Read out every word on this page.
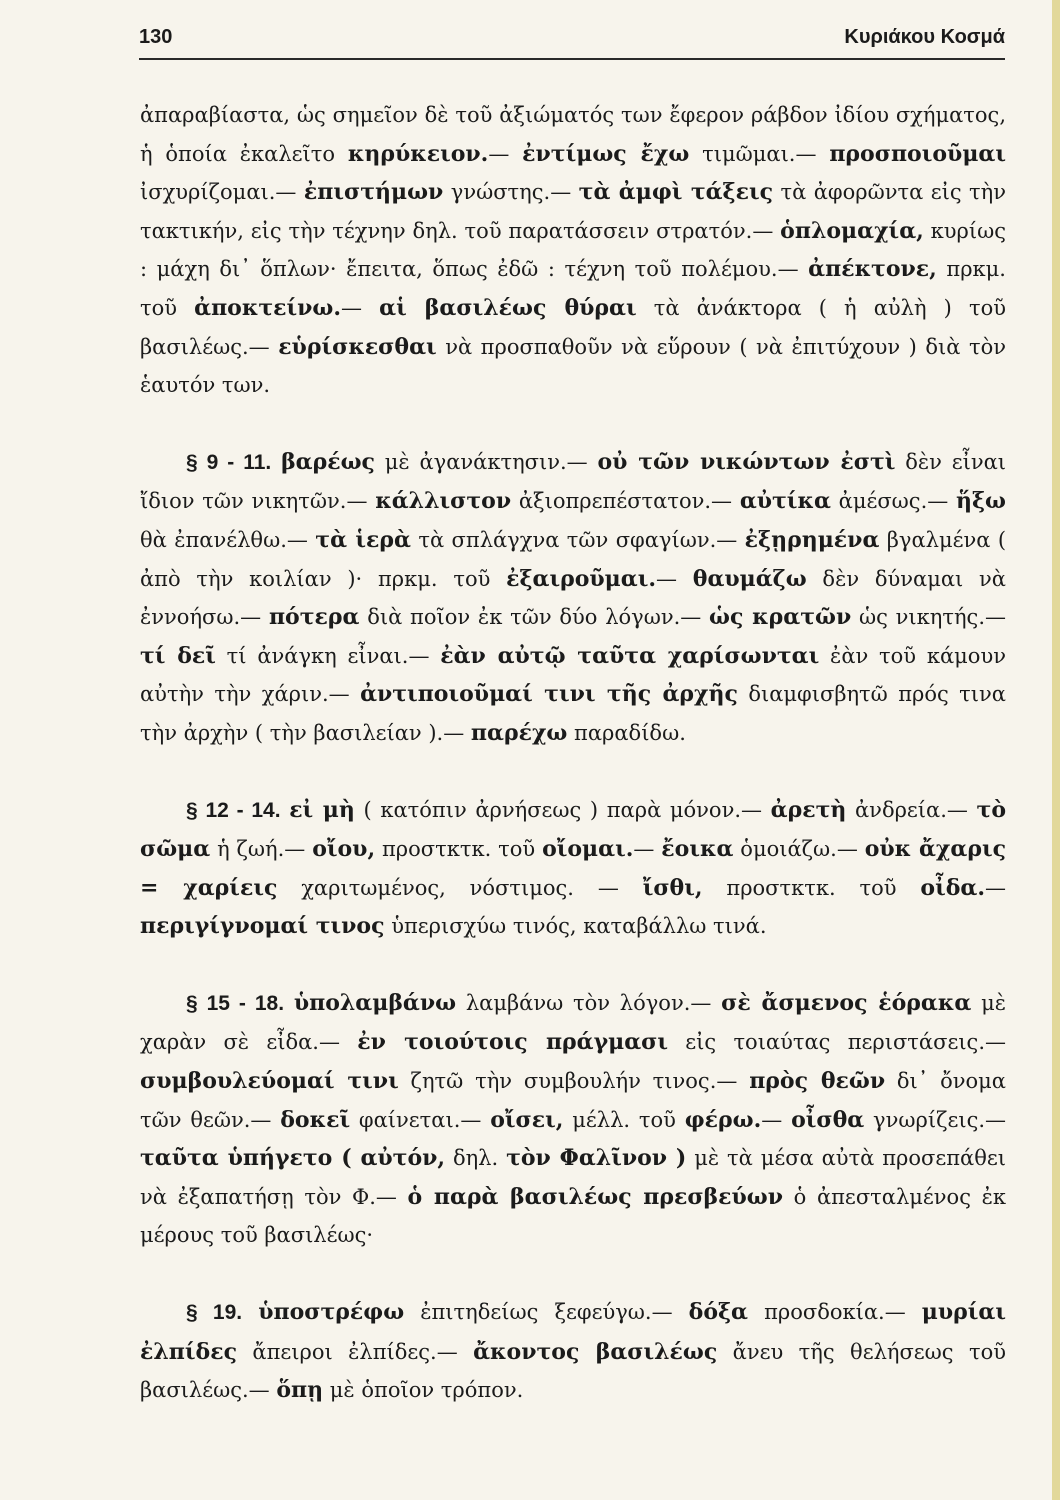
130	Κυριάκου Κοσμά

ἀπαραβίαστα, ὡς σημεῖον δὲ τοῦ ἀξιώματός των ἔφερον ράβδον ἰδίου σχήματος, ἡ ὁποία ἐκαλεῖτο κηρύκειον.— ἐντίμως ἔχω τιμῶμαι.— προσποιοῦμαι ἰσχυρίζομαι.— ἐπιστήμων γνώστης.— τὰ ἀμφὶ τάξεις τὰ ἀφορῶντα εἰς τὴν τακτικήν, εἰς τὴν τέχνην δηλ. τοῦ παρατάσσειν στρατόν.— ὁπλομαχία, κυρίως : μάχη δι᾽ ὅπλων· ἔπειτα, ὅπως ἐδῶ : τέχνη τοῦ πολέμου.— ἀπέκτονε, πρκμ. τοῦ ἀποκτείνω.— αἱ βασιλέως θύραι τὰ ἀνάκτορα ( ἡ αὐλὴ ) τοῦ βασιλέως.— εὑρίσκεσθαι νὰ προσπαθοῦν νὰ εὕρουν ( νὰ ἐπιτύχουν ) διὰ τὸν ἑαυτόν των.

§ 9 - 11. βαρέως μὲ ἀγανάκτησιν.— οὐ τῶν νικώντων ἐστὶ δὲν εἶναι ἴδιον τῶν νικητῶν.— κάλλιστον ἀξιοπρεπέστατον.— αὐτίκα ἀμέσως.— ἥξω θὰ ἐπανέλθω.— τὰ ἱερὰ τὰ σπλάγχνα τῶν σφαγίων.— ἐξῃρημένα βγαλμένα ( ἀπὸ τὴν κοιλίαν )· πρκμ. τοῦ ἐξαιροῦμαι.— θαυμάζω δὲν δύναμαι νὰ ἐννοήσω.— πότερα διὰ ποῖον ἐκ τῶν δύο λόγων.— ὡς κρατῶν ὡς νικητής.— τί δεῖ τί ἀνάγκη εἶναι.— ἐὰν αὐτῷ ταῦτα χαρίσωνται ἐὰν τοῦ κάμουν αὐτὴν τὴν χάριν.— ἀντιποιοῦμαί τινι τῆς ἀρχῆς διαμφισβητῶ πρός τινα τὴν ἀρχὴν ( τὴν βασιλείαν ).— παρέχω παραδίδω.

§ 12 - 14. εἰ μὴ ( κατόπιν ἀρνήσεως ) παρὰ μόνον.— ἀρετὴ ἀνδρεία.— τὸ σῶμα ἡ ζωή.— οἴου, προστκτκ. τοῦ οἴομαι.— ἔοικα ὁμοιάζω.— οὐκ ἄχαρις = χαρίεις χαριτωμένος, νόστιμος. — ἴσθι, προστκτκ. τοῦ οἶδα.— περιγίγνομαί τινος ὑπερισχύω τινός, καταβάλλω τινά.

§ 15 - 18. ὑπολαμβάνω λαμβάνω τὸν λόγον.— σὲ ἄσμενος ἑόρακα μὲ χαρὰν σὲ εἶδα.— ἐν τοιούτοις πράγμασι εἰς τοιαύτας περιστάσεις.— συμβουλεύομαί τινι ζητῶ τὴν συμβουλήν τινος.— πρὸς θεῶν δι᾽ ὄνομα τῶν θεῶν.— δοκεῖ φαίνεται.— οἴσει, μέλλ. τοῦ φέρω.— οἶσθα γνωρίζεις.— ταῦτα ὑπήγετο ( αὐτόν, δηλ. τὸν Φαλῖνον ) μὲ τὰ μέσα αὐτὰ προσεπάθει νὰ ἐξαπατήσῃ τὸν Φ.— ὁ παρὰ βασιλέως πρεσβεύων ὁ ἀπεσταλμένος ἐκ μέρους τοῦ βασιλέως·

§ 19. ὑποστρέφω ἐπιτηδείως ξεφεύγω.— δόξα προσδοκία.— μυρίαι ἐλπίδες ἄπειροι ἐλπίδες.— ἄκοντος βασιλέως ἄνευ τῆς θελήσεως τοῦ βασιλέως.— ὅπῃ μὲ ὁποῖον τρόπον.
